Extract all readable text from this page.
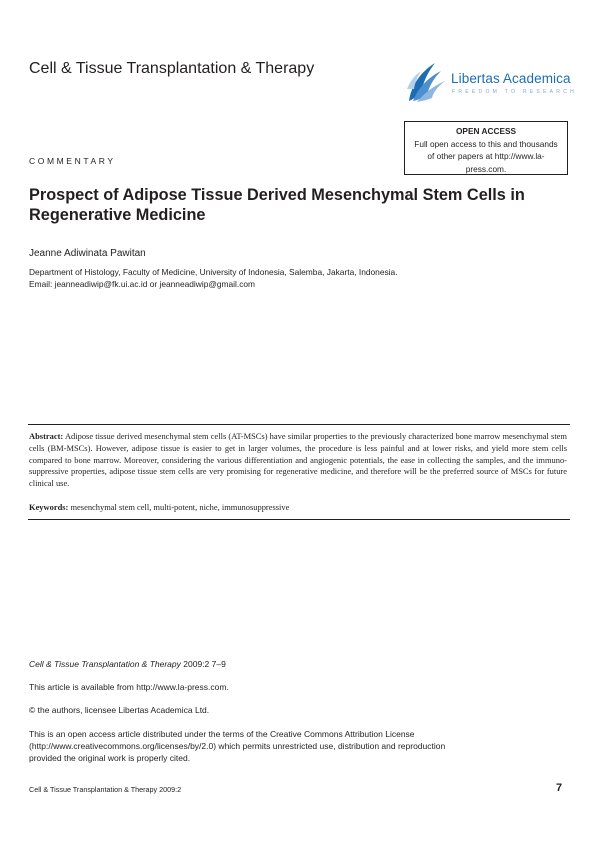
Cell & Tissue Transplantation & Therapy
Libertas Academica
FREEDOM TO RESEARCH
OPEN ACCESS
Full open access to this and thousands of other papers at http://www.la-press.com.
COMMENTARY
Prospect of Adipose Tissue Derived Mesenchymal Stem Cells in Regenerative Medicine
Jeanne Adiwinata Pawitan
Department of Histology, Faculty of Medicine, University of Indonesia, Salemba, Jakarta, Indonesia.
Email: jeanneadiwip@fk.ui.ac.id or jeanneadiwip@gmail.com
Abstract: Adipose tissue derived mesenchymal stem cells (AT-MSCs) have similar properties to the previously characterized bone marrow mesenchymal stem cells (BM-MSCs). However, adipose tissue is easier to get in larger volumes, the procedure is less painful and at lower risks, and yield more stem cells compared to bone marrow. Moreover, considering the various differentiation and angiogenic potentials, the ease in collecting the samples, and the immuno-suppressive properties, adipose tissue stem cells are very promising for regenerative medicine, and therefore will be the preferred source of MSCs for future clinical use.
Keywords: mesenchymal stem cell, multi-potent, niche, immunosuppressive
Cell & Tissue Transplantation & Therapy 2009:2 7–9
This article is available from http://www.la-press.com.
© the authors, licensee Libertas Academica Ltd.
This is an open access article distributed under the terms of the Creative Commons Attribution License
(http://www.creativecommons.org/licenses/by/2.0) which permits unrestricted use, distribution and reproduction
provided the original work is properly cited.
Cell & Tissue Transplantation & Therapy 2009:2	7
